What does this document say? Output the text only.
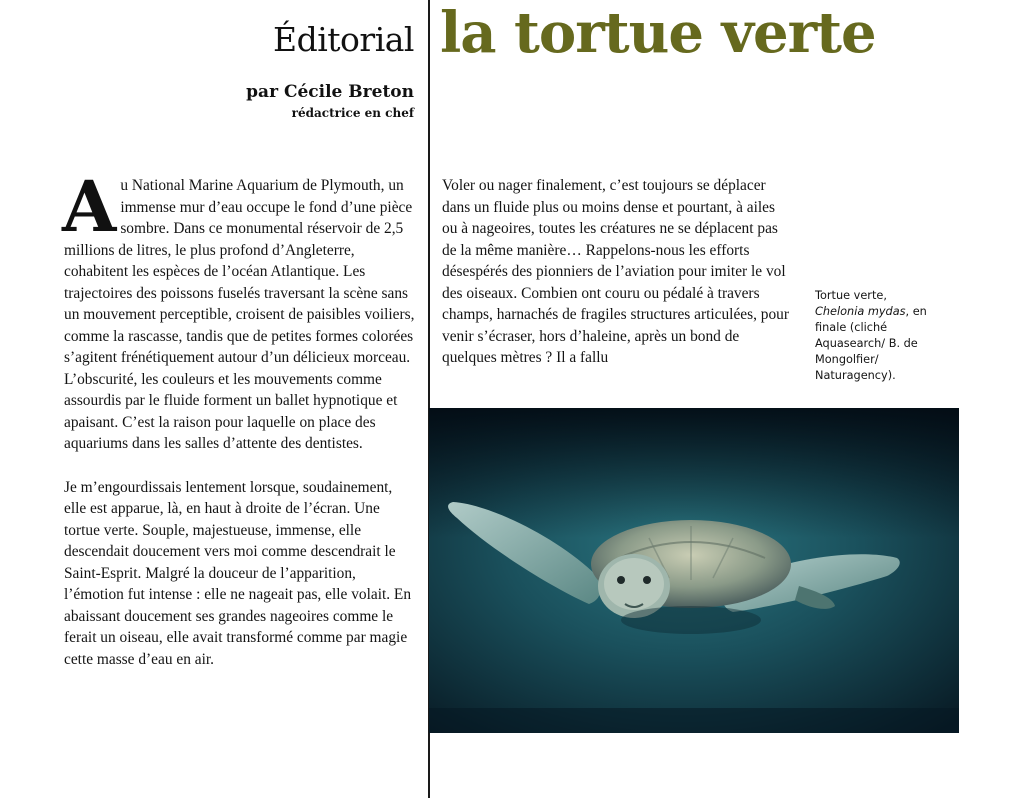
Éditorial
par Cécile Breton
rédactrice en chef
la tortue verte

Au National Marine Aquarium de Plymouth, un immense mur d’eau occupe le fond d’une pièce sombre. Dans ce monumental réservoir de 2,5 millions de litres, le plus profond d’Angleterre, cohabitent les espèces de l’océan Atlantique. Les trajectoires des poissons fuselés traversant la scène sans un mouvement perceptible, croisent de paisibles voiliers, comme la rascasse, tandis que de petites formes colorées s’agitent frénétiquement autour d’un délicieux morceau. L’obscurité, les couleurs et les mouvements comme assourdis par le fluide forment un ballet hypnotique et apaisant. C’est la raison pour laquelle on place des aquariums dans les salles d’attente des dentistes.

Je m’engourdissais lentement lorsque, soudainement, elle est apparue, là, en haut à droite de l’écran. Une tortue verte. Souple, majestueuse, immense, elle descendait doucement vers moi comme descendrait le Saint-Esprit. Malgré la douceur de l’apparition, l’émotion fut intense : elle ne nageait pas, elle volait. En abaissant doucement ses grandes nageoires comme le ferait un oiseau, elle avait transformé comme par magie cette masse d’eau en air.

Voler ou nager finalement, c’est toujours se déplacer dans un fluide plus ou moins dense et pourtant, à ailes ou à nageoires, toutes les créatures ne se déplacent pas de la même manière… Rappelons-nous les efforts désespérés des pionniers de l’aviation pour imiter le vol des oiseaux. Combien ont couru ou pédalé à travers champs, harnachés de fragiles structures articulées, pour venir s’écraser, hors d’haleine, après un bond de quelques mètres ? Il a fallu

Tortue verte,
Chelonia mydas, en finale (cliché Aquasearch/ B. de Mongolfier/ Naturagency).
